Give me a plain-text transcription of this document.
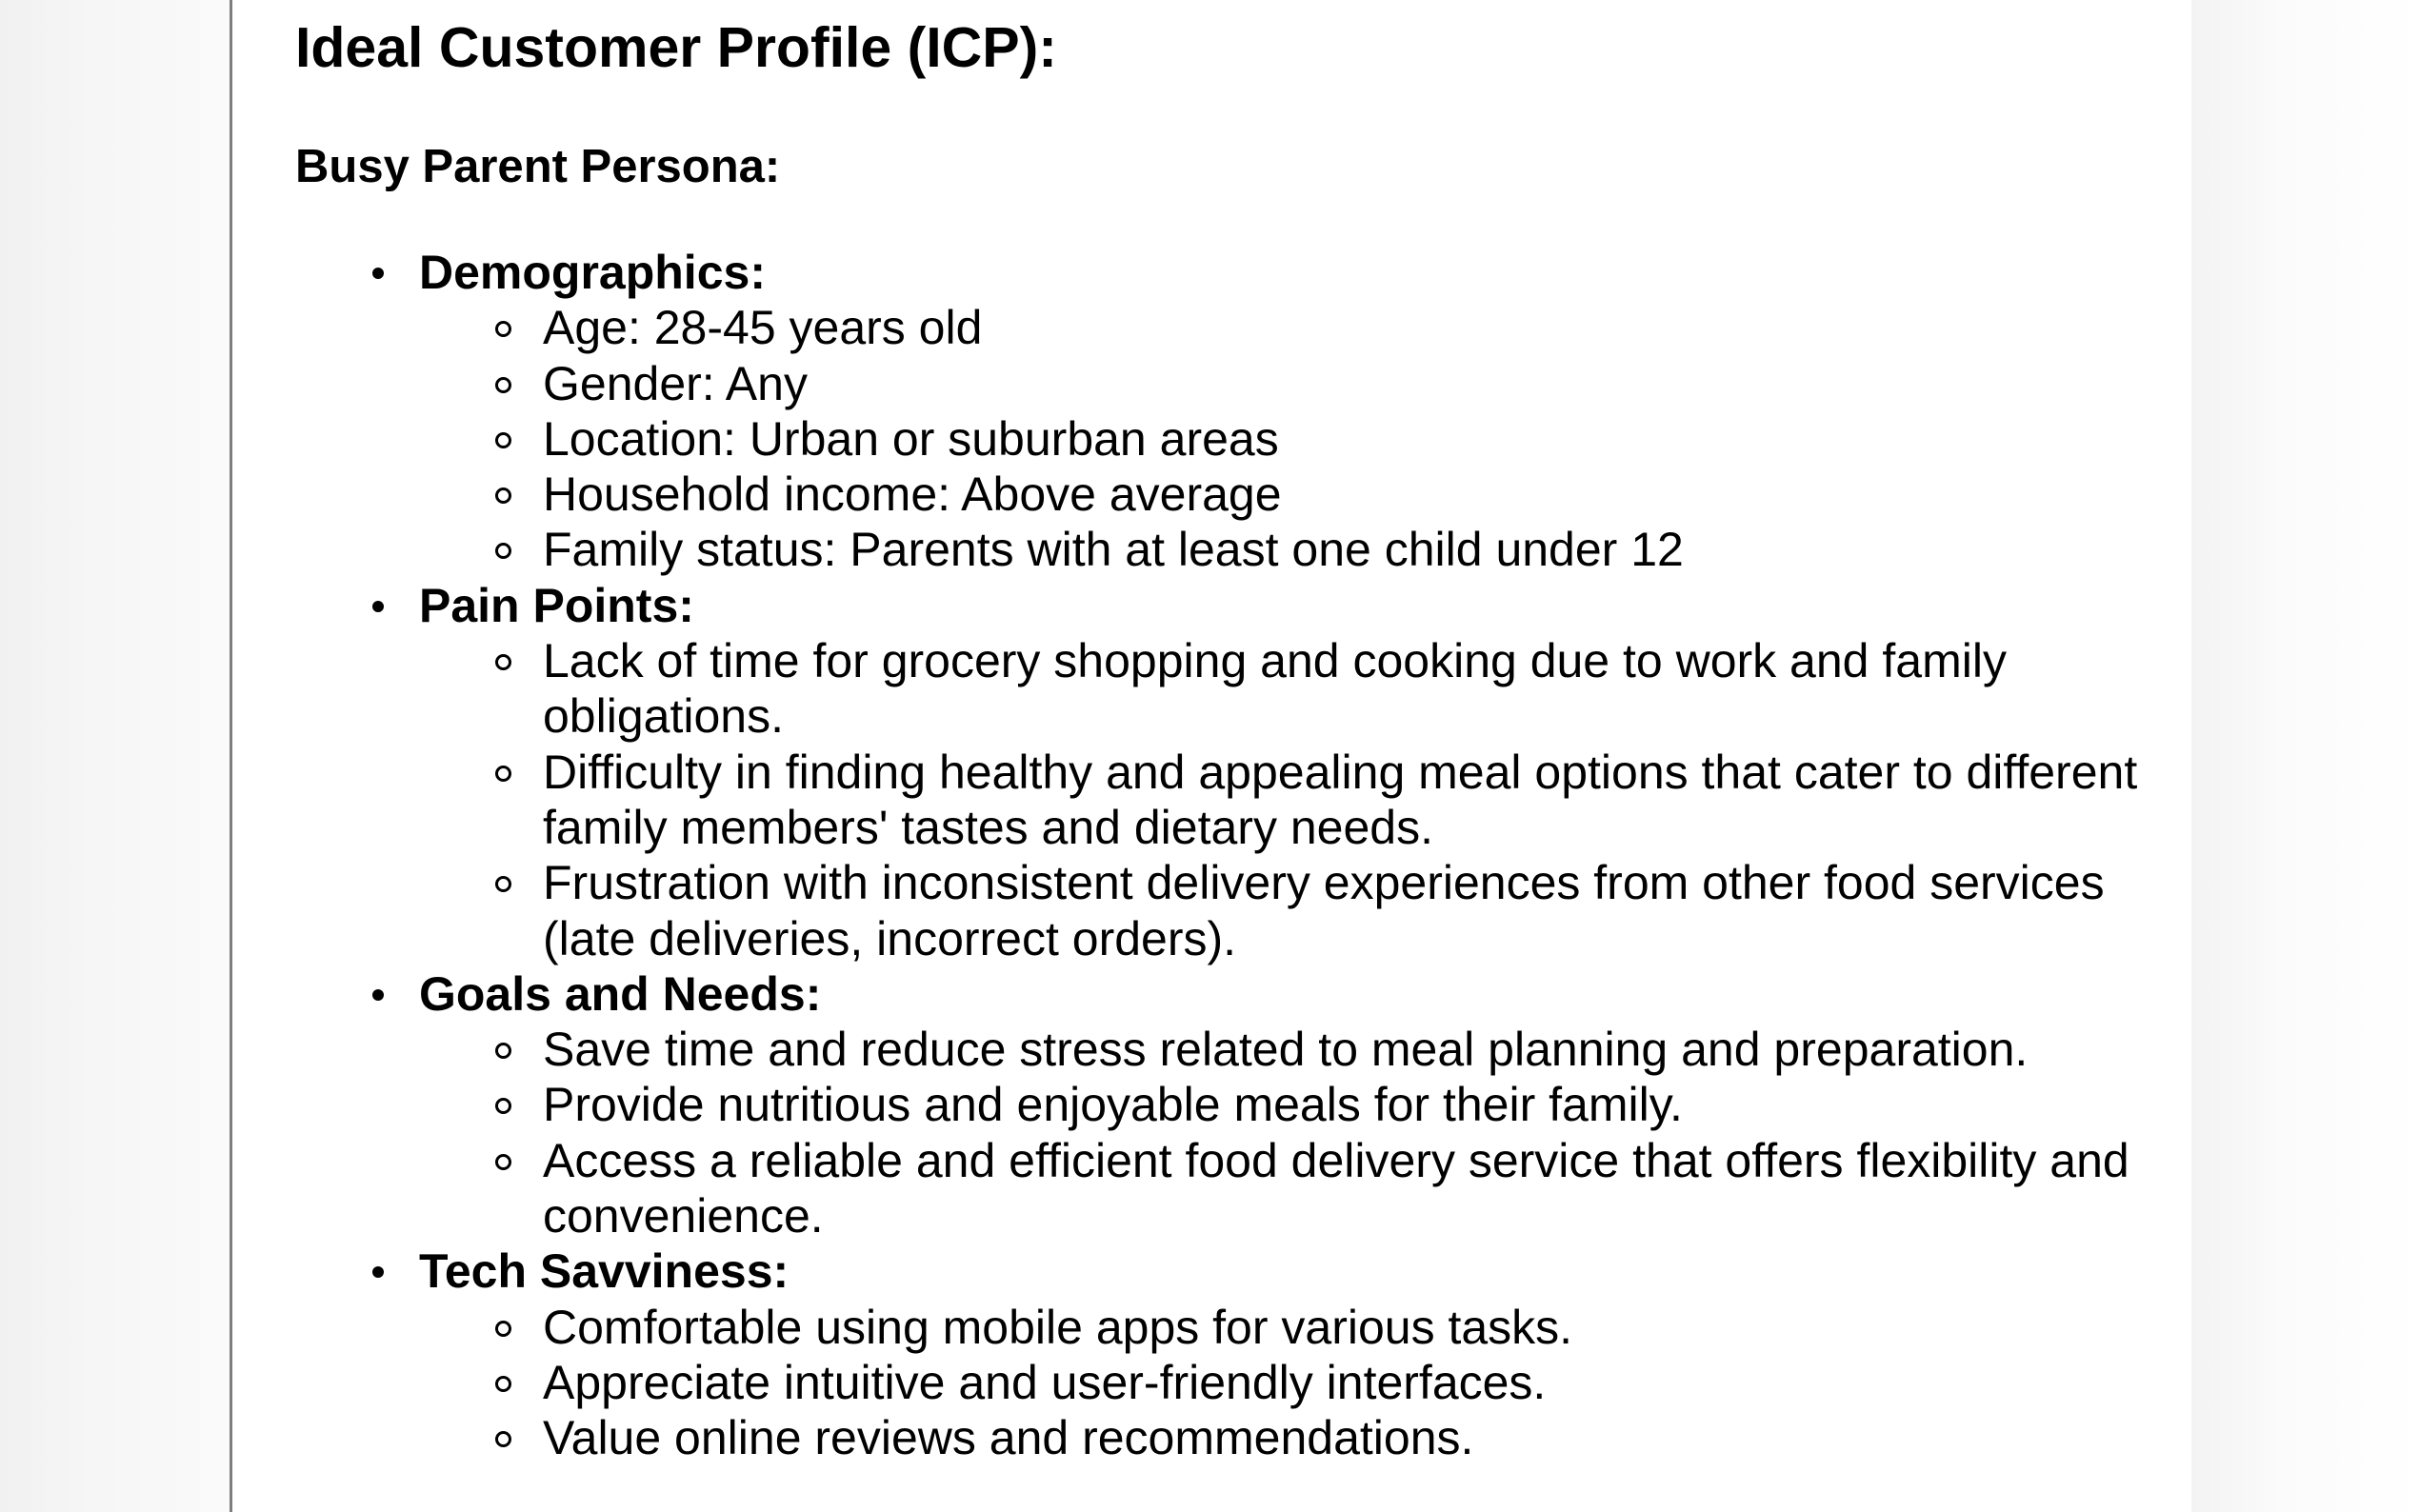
Ideal Customer Profile (ICP):
Busy Parent Persona:
Demographics:
Age: 28-45 years old
Gender: Any
Location: Urban or suburban areas
Household income: Above average
Family status: Parents with at least one child under 12
Pain Points:
Lack of time for grocery shopping and cooking due to work and family obligations.
Difficulty in finding healthy and appealing meal options that cater to different family members' tastes and dietary needs.
Frustration with inconsistent delivery experiences from other food services (late deliveries, incorrect orders).
Goals and Needs:
Save time and reduce stress related to meal planning and preparation.
Provide nutritious and enjoyable meals for their family.
Access a reliable and efficient food delivery service that offers flexibility and convenience.
Tech Savviness:
Comfortable using mobile apps for various tasks.
Appreciate intuitive and user-friendly interfaces.
Value online reviews and recommendations.
